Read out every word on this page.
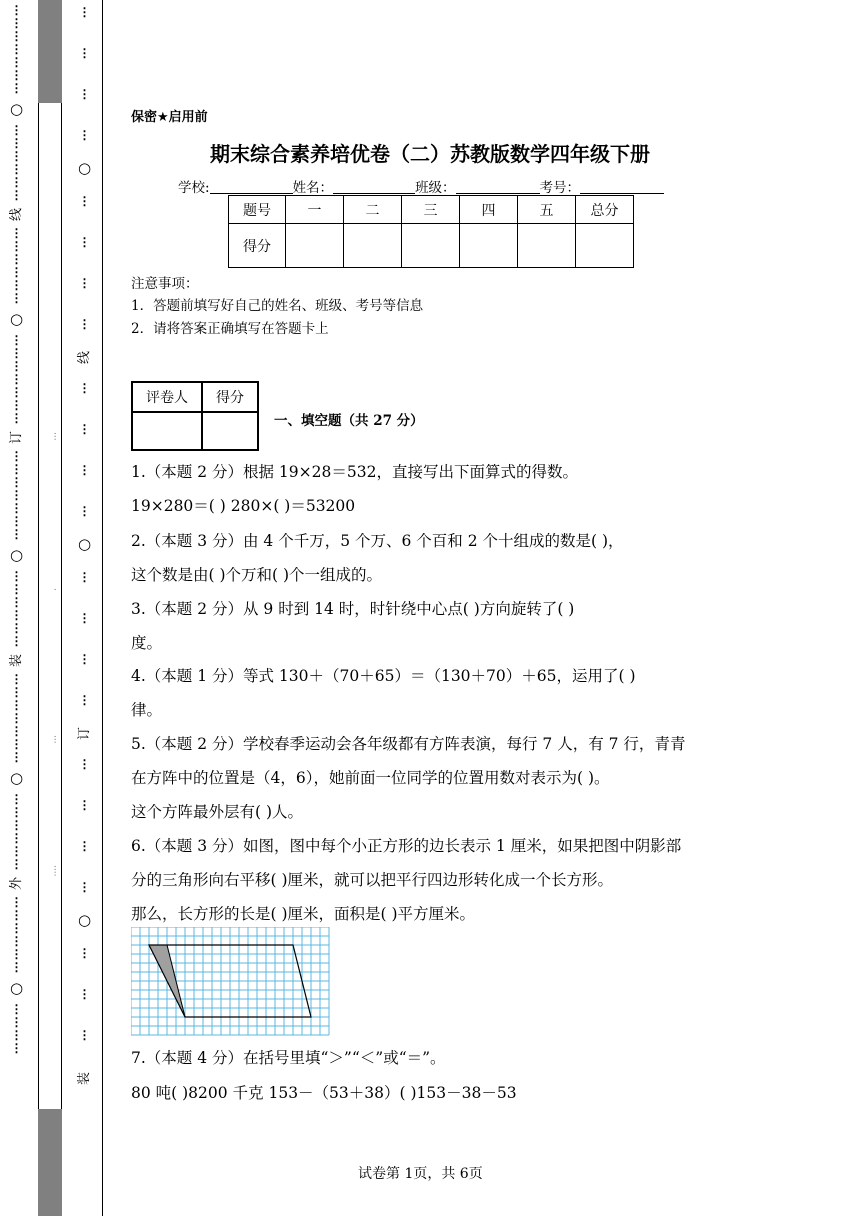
⋮
⋮
⋮
⋮
⋮
⋮
⋮
○
⋮
⋮
⋮
⋮
⋮
⋮
线
⋮
⋮
⋮
⋮
⋮
⋮
○
⋮
⋮
⋮
⋮
⋮
⋮
⋮
订
⋮
⋮
⋮
⋮
⋮
⋮
⋮
○
⋮
⋮
⋮
⋮
⋮
⋮
装
⋮
⋮
⋮
⋮
⋮
⋮
⋮
○
⋮
⋮
⋮
⋮
⋮
⋮
外
⋮
⋮
⋮
⋮
⋮
⋮
○
⋮
⋮
⋮
⋮
···
·
···
····
⋮
⋮
⋮
⋮
○
⋮
⋮
⋮
⋮
线
⋮
⋮
⋮
⋮
○
⋮
⋮
⋮
⋮
订
⋮
⋮
⋮
⋮
○
⋮
⋮
⋮
装
保密★启用前
期末综合素养培优卷（二）苏教版数学四年级下册
学校:	姓名：	班级：	考号：
题号	一	二	三	四	五	总分
得分						
注意事项：
1．答题前填写好自己的姓名、班级、考号等信息
2．请将答案正确填写在答题卡上
评卷人	得分

一、填空题（共 27 分）
1.（本题 2 分）根据 19×28＝532，直接写出下面算式的得数。
19×280＝( ) 280×( )＝53200
2.（本题 3 分）由 4 个千万，5 个万、6 个百和 2 个十组成的数是( )，
这个数是由( )个万和( )个一组成的。
3.（本题 2 分）从 9 时到 14 时，时针绕中心点( )方向旋转了( )
度。
4.（本题 1 分）等式 130＋（70＋65）＝（130＋70）＋65，运用了( )
律。
5.（本题 2 分）学校春季运动会各年级都有方阵表演，每行 7 人，有 7 行，青青
在方阵中的位置是（4，6），她前面一位同学的位置用数对表示为( )。
这个方阵最外层有( )人。
6.（本题 3 分）如图，图中每个小正方形的边长表示 1 厘米，如果把图中阴影部
分的三角形向右平移( )厘米，就可以把平行四边形转化成一个长方形。
那么，长方形的长是( )厘米，面积是( )平方厘米。
7.（本题 4 分）在括号里填“＞”“＜”或“＝”。
80 吨( )8200 千克 153－（53＋38）( )153－38－53
试卷第 1页，共 6页
